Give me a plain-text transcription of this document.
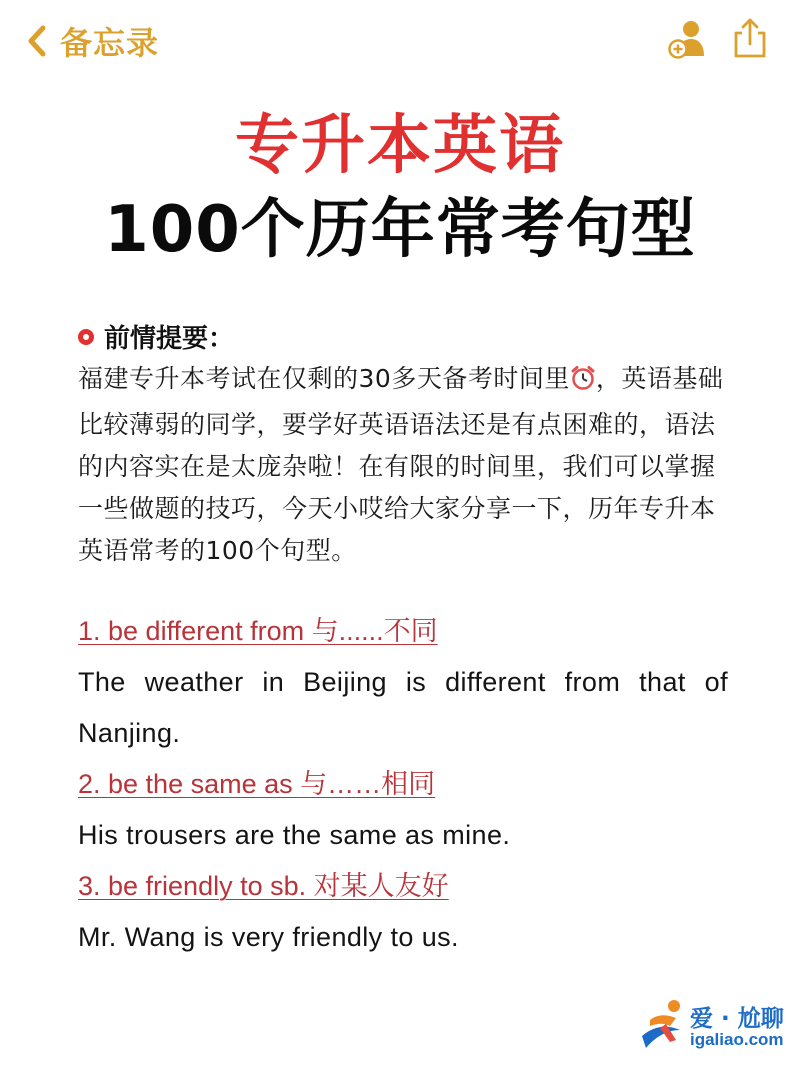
备忘录
专升本英语
100个历年常考句型
前情提要：
福建专升本考试在仅剩的30多天备考时间里 ，英语基础比较薄弱的同学，要学好英语语法还是有点困难的，语法的内容实在是太庞杂啦！在有限的时间里，我们可以掌握一些做题的技巧，今天小哎给大家分享一下，历年专升本英语常考的100个句型。
1. be different from 与......不同
The weather in Beijing is different from that of Nanjing.
2. be the same as 与……相同
His trousers are the same as mine.
3. be friendly to sb. 对某人友好
Mr. Wang is very friendly to us.
爱 · 尬聊
igaliao.com
